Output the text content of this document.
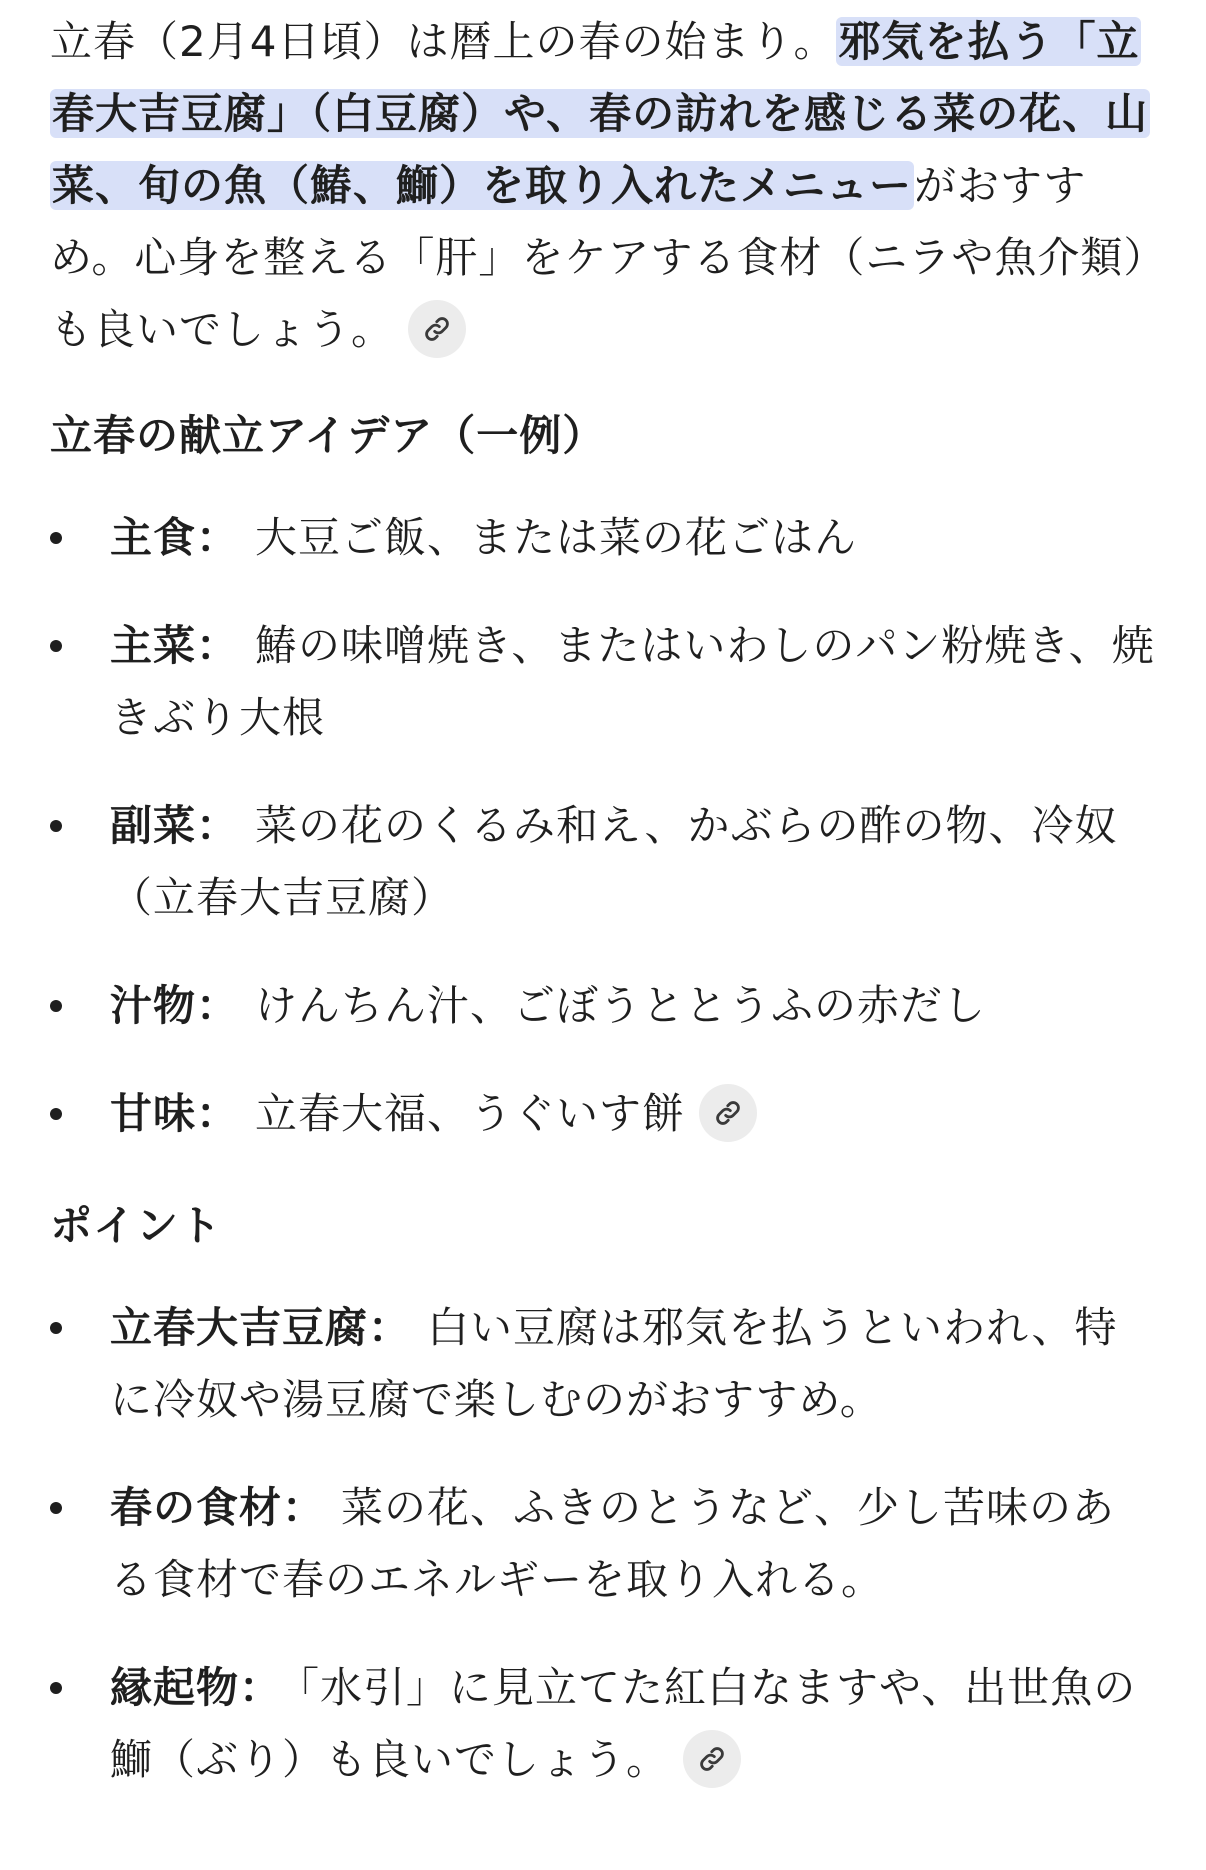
立春（2月4日頃）は暦上の春の始まり。邪気を払う「立春大吉豆腐」（白豆腐）や、春の訪れを感じる菜の花、山菜、旬の魚（鰆、鰤）を取り入れたメニューがおすすめ。心身を整える「肝」をケアする食材（ニラや魚介類）も良いでしょう。

立春の献立アイデア（一例）
主食： 大豆ご飯、または菜の花ごはん
主菜： 鰆の味噌焼き、またはいわしのパン粉焼き、焼きぶり大根
副菜： 菜の花のくるみ和え、かぶらの酢の物、冷奴（立春大吉豆腐）
汁物： けんちん汁、ごぼうととうふの赤だし
甘味： 立春大福、うぐいす餅
ポイント
立春大吉豆腐： 白い豆腐は邪気を払うといわれ、特に冷奴や湯豆腐で楽しむのがおすすめ。
春の食材： 菜の花、ふきのとうなど、少し苦味のある食材で春のエネルギーを取り入れる。
縁起物： 「水引」に見立てた紅白なますや、出世魚の鰤（ぶり）も良いでしょう。
